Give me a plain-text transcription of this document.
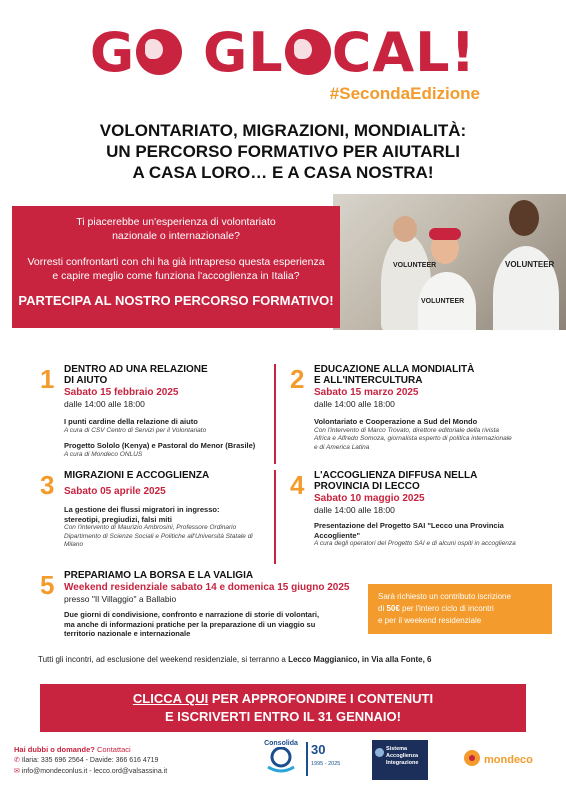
G GL CAL!
#SecondaEdizione
VOLONTARIATO, MIGRAZIONI, MONDIALITÀ:
UN PERCORSO FORMATIVO PER AIUTARLI
A CASA LORO… E A CASA NOSTRA!
VOLUNTEER
VOLUNTEER
VOLUNTEER

Ti piacerebbe un'esperienza di volontariato

nazionale o internazionale?

Vorresti confrontarti con chi ha già intrapreso questa esperienza

e capire meglio come funziona l'accoglienza in Italia?

PARTECIPA AL NOSTRO PERCORSO FORMATIVO!
1 DENTRO AD UNA RELAZIONE
DI AIUTO
Sabato 15 febbraio 2025
dalle 14:00 alle 18:00
I punti cardine della relazione di aiuto
A cura di CSV Centro di Servizi per il Volontariato
Progetto Sololo (Kenya) e Pastoral do Menor (Brasile)
A cura di Mondeco ONLUS
2 EDUCAZIONE ALLA MONDIALITÀ
E ALL'INTERCULTURA
Sabato 15 marzo 2025
dalle 14:00 alle 18:00
Volontariato e Cooperazione a Sud del Mondo
Con l'intervento di Marco Trovato, direttore editoriale della rivista
Africa e Alfredo Somoza, giornalista esperto di politica internazionale
e di America Latina
3 MIGRAZIONI E ACCOGLIENZA
Sabato 05 aprile 2025
La gestione dei flussi migratori in ingresso:
stereotipi, pregiudizi, falsi miti
Con l'intervento di Maurizio Ambrosini, Professore Ordinario
Dipartimento di Scienze Sociali e Politiche all'Università Statale di
Milano
4 L'ACCOGLIENZA DIFFUSA NELLA
PROVINCIA DI LECCO
Sabato 10 maggio 2025
dalle 14:00 alle 18:00
Presentazione del Progetto SAI "Lecco una Provincia
Accogliente"
A cura degli operatori del Progetto SAI e di alcuni ospiti in accoglienza
5 PREPARIAMO LA BORSA E LA VALIGIA
Weekend residenziale sabato 14 e domenica 15 giugno 2025
presso "Il Villaggio" a Ballabio
Due giorni di condivisione, confronto e narrazione di storie di volontari,
ma anche di informazioni pratiche per la preparazione di un viaggio su
territorio nazionale e internazionale
Sarà richiesto un contributo iscrizione
di 50€ per l'intero ciclo di incontri
e per il weekend residenziale
Tutti gli incontri, ad esclusione del weekend residenziale, si terranno a Lecco Maggianico, in Via alla Fonte, 6
CLICCA QUI PER APPROFONDIRE I CONTENUTI
E ISCRIVERTI ENTRO IL 31 GENNAIO!
Hai dubbi o domande? Contattaci
✆ Ilaria: 335 696 2564 - Davide: 366 616 4719
✉ info@mondeconlus.it - lecco.ord@valsassina.it
Consolida 30
1995 - 2025
Sistema
Accoglienza
Integrazione	mondeco
